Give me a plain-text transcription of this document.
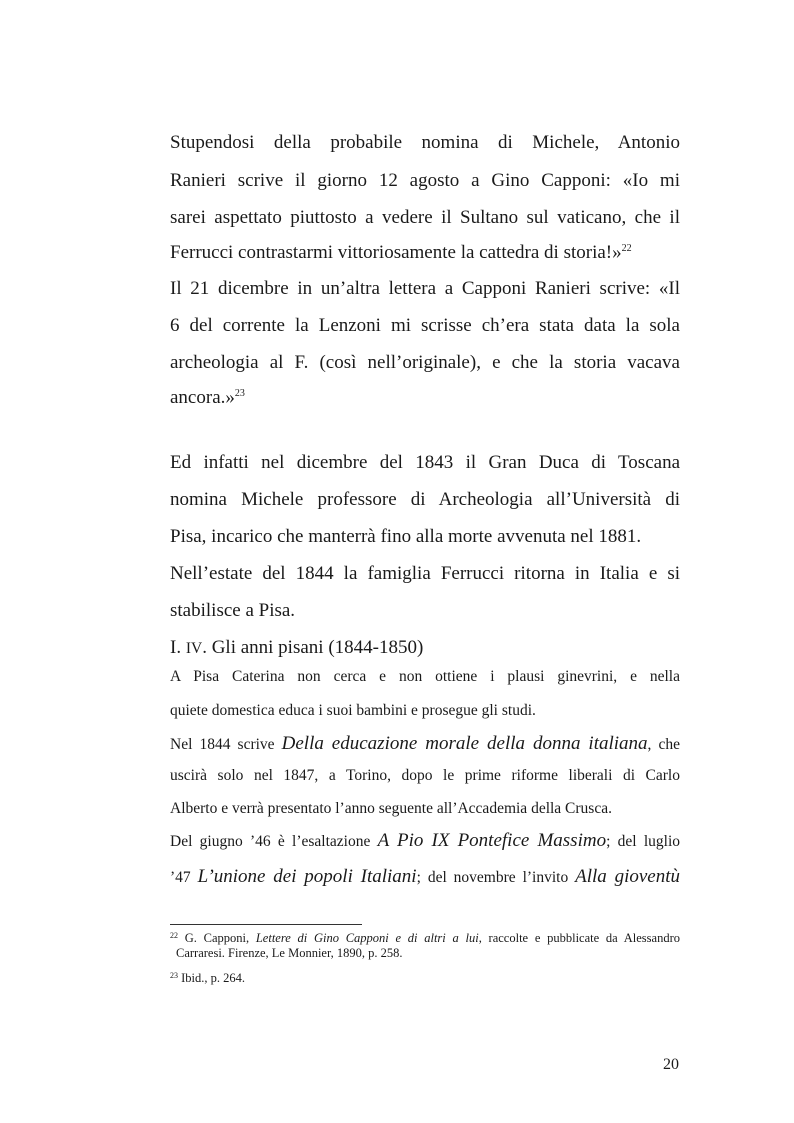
Stupendosi della probabile nomina di Michele, Antonio
Ranieri scrive il giorno 12 agosto a Gino Capponi: «Io mi
sarei aspettato piuttosto a vedere il Sultano sul vaticano, che il
Ferrucci contrastarmi vittoriosamente la cattedra di storia!»$^{22}$
Il 21 dicembre in un’altra lettera a Capponi Ranieri scrive: «Il
6 del corrente la Lenzoni mi scrisse ch’era stata data la sola
archeologia al F. (così nell’originale), e che la storia vacava
ancora.»$^{23}$
Ed infatti nel dicembre del 1843 il Gran Duca di Toscana
nomina Michele professore di Archeologia all’Università di
Pisa, incarico che manterrà fino alla morte avvenuta nel 1881.
Nell’estate del 1844 la famiglia Ferrucci ritorna in Italia e si
stabilisce a Pisa.
I. IV. Gli anni pisani (1844-1850)
A Pisa Caterina non cerca e non ottiene i plausi ginevrini, e nella
quiete domestica educa i suoi bambini e prosegue gli studi.
Nel 1844 scrive Della educazione morale della donna italiana, che
uscirà solo nel 1847, a Torino, dopo le prime riforme liberali di Carlo
Alberto e verrà presentato l’anno seguente all’Accademia della Crusca.
Del giugno ’46 è l’esaltazione A Pio IX Pontefice Massimo; del luglio
’47 L’unione dei popoli Italiani; del novembre l’invito Alla gioventù
$^{22}$ G. Capponi, Lettere di Gino Capponi e di altri a lui, raccolte e pubblicate da Alessandro
Carraresi. Firenze, Le Monnier, 1890, p. 258.
$^{23}$ Ibid., p. 264.
20
